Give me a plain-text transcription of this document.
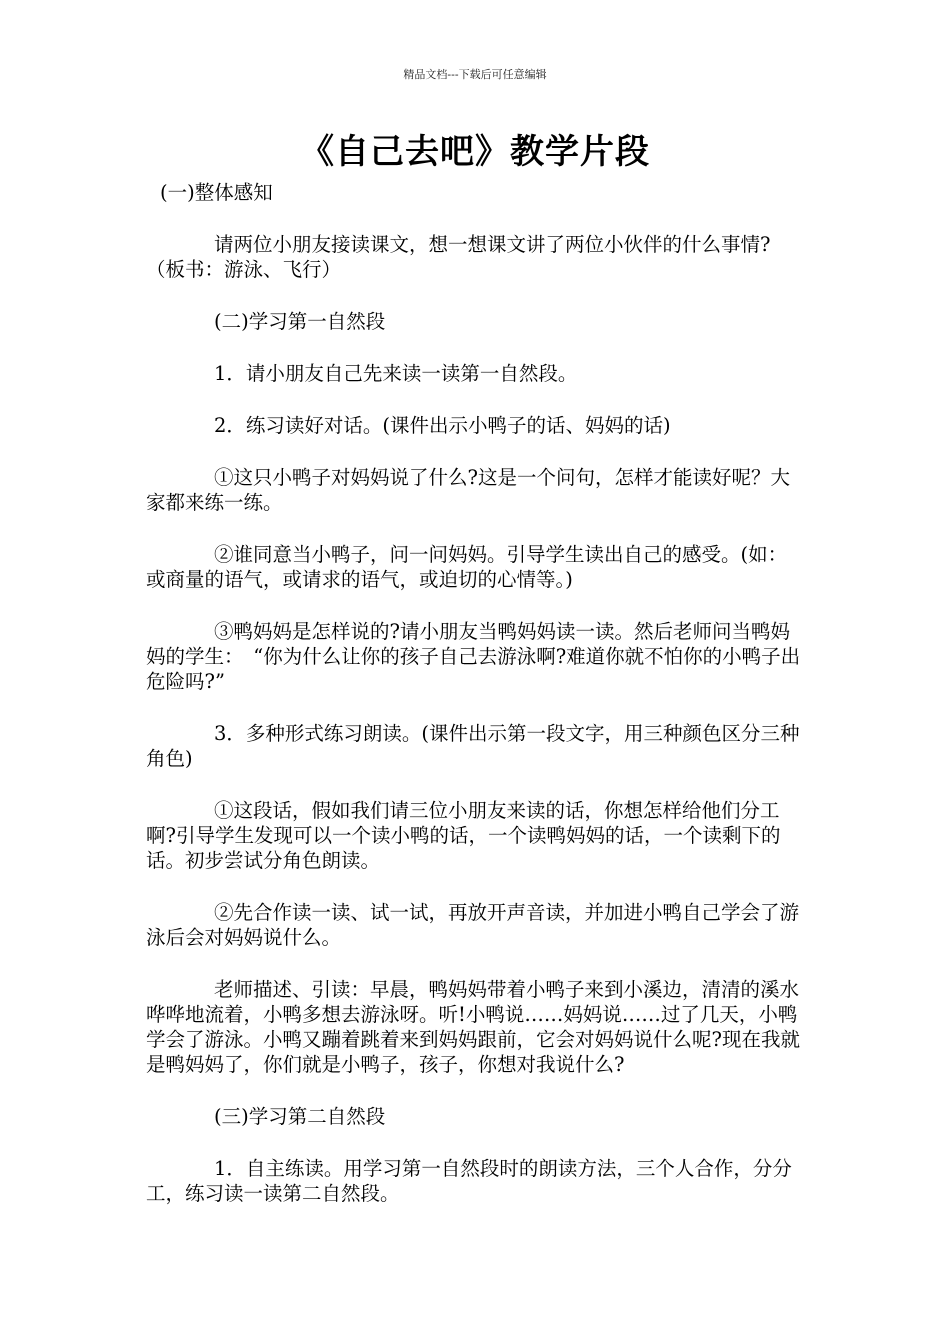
精品文档---下载后可任意编辑
《自己去吧》教学片段

(一)整体感知

请两位小朋友接读课文，想一想课文讲了两位小伙伴的什么事情?（板书：游泳、飞行）

(二)学习第一自然段

1．请小朋友自己先来读一读第一自然段。

2．练习读好对话。(课件出示小鸭子的话、妈妈的话)

①这只小鸭子对妈妈说了什么?这是一个问句，怎样才能读好呢？大家都来练一练。

②谁同意当小鸭子，问一问妈妈。引导学生读出自己的感受。(如：或商量的语气，或请求的语气，或迫切的心情等。)

③鸭妈妈是怎样说的?请小朋友当鸭妈妈读一读。然后老师问当鸭妈妈的学生：　“你为什么让你的孩子自己去游泳啊?难道你就不怕你的小鸭子出危险吗?”

3．多种形式练习朗读。(课件出示第一段文字，用三种颜色区分三种角色)

①这段话，假如我们请三位小朋友来读的话，你想怎样给他们分工啊?引导学生发现可以一个读小鸭的话，一个读鸭妈妈的话，一个读剩下的话。初步尝试分角色朗读。

②先合作读一读、试一试，再放开声音读，并加进小鸭自己学会了游泳后会对妈妈说什么。

老师描述、引读：早晨，鸭妈妈带着小鸭子来到小溪边，清清的溪水哗哗地流着，小鸭多想去游泳呀。听!小鸭说……妈妈说……过了几天，小鸭学会了游泳。小鸭又蹦着跳着来到妈妈跟前，它会对妈妈说什么呢?现在我就是鸭妈妈了，你们就是小鸭子，孩子，你想对我说什么?

(三)学习第二自然段

1．自主练读。用学习第一自然段时的朗读方法，三个人合作，分分工，练习读一读第二自然段。
